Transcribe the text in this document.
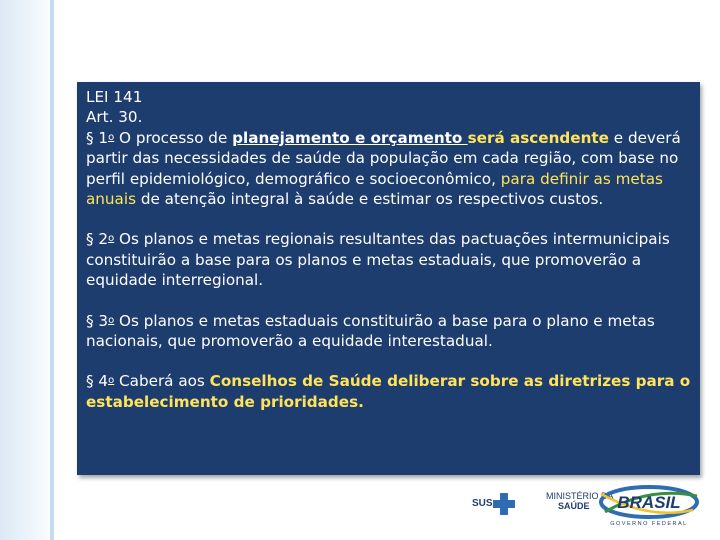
LEI 141
Art. 30.

§ 1$^o$ O processo de planejamento e orçamento será ascendente e deverá partir das necessidades de saúde da população em cada região, com base no perfil epidemiológico, demográfico e socioeconômico, para definir as metas anuais de atenção integral à saúde e estimar os respectivos custos.

§ 2$^o$ Os planos e metas regionais resultantes das pactuações intermunicipais constituirão a base para os planos e metas estaduais, que promoverão a equidade interregional.

§ 3$^o$ Os planos e metas estaduais constituirão a base para o plano e metas nacionais, que promoverão a equidade interestadual.

§ 4$^o$ Caberá aos Conselhos de Saúde deliberar sobre as diretrizes para o estabelecimento de prioridades.

SUS
MINISTÉRIO DA
SAÚDE	BRASIL
GOVERNO FEDERAL
